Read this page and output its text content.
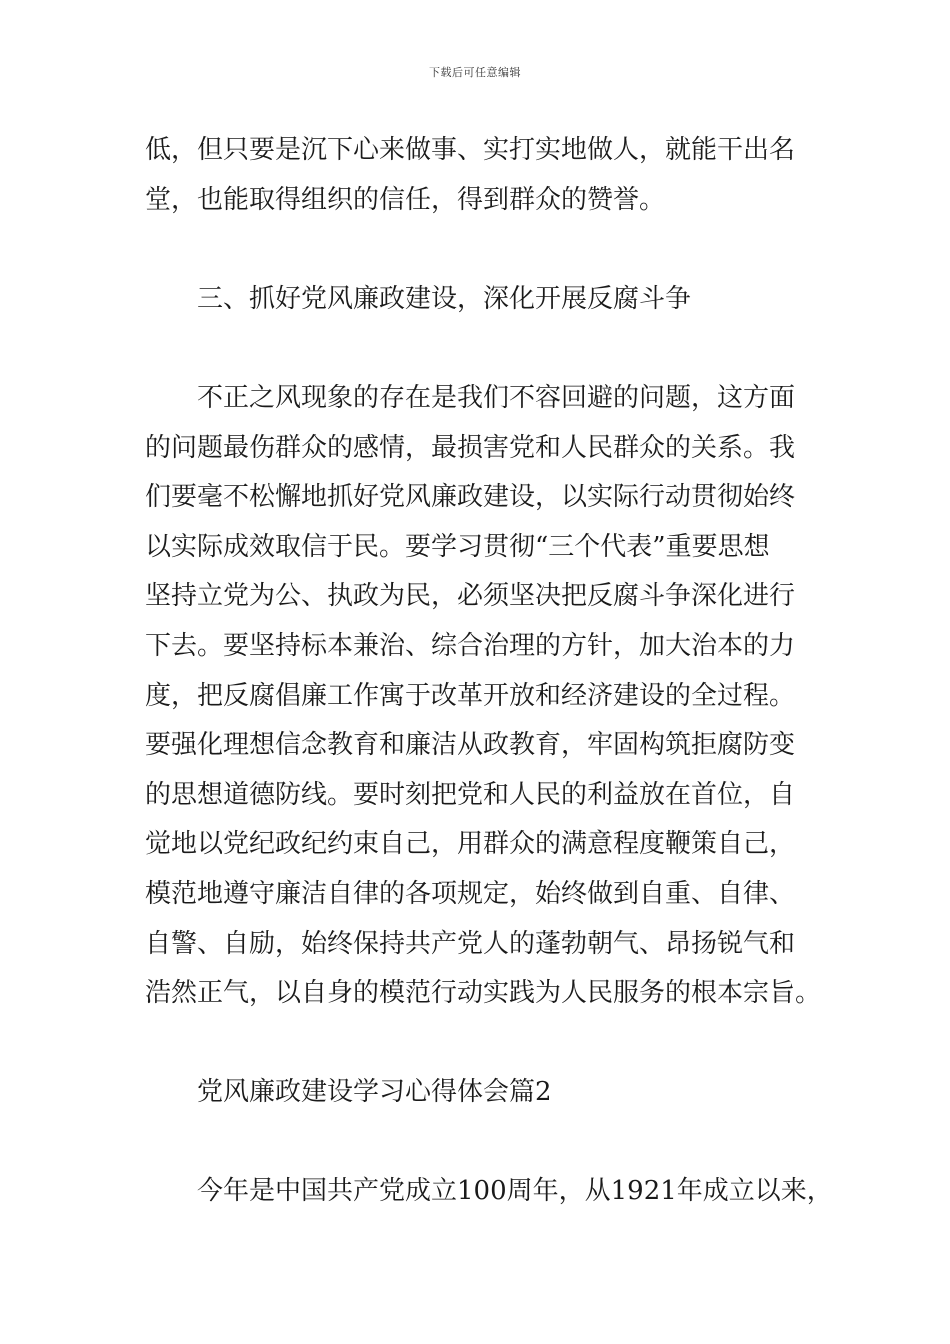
下载后可任意编辑
低，但只要是沉下心来做事、实打实地做人，就能干出名
堂，也能取得组织的信任，得到群众的赞誉。
三、抓好党风廉政建设，深化开展反腐斗争
不正之风现象的存在是我们不容回避的问题，这方面
的问题最伤群众的感情，最损害党和人民群众的关系。我
们要毫不松懈地抓好党风廉政建设，以实际行动贯彻始终
以实际成效取信于民。要学习贯彻“三个代表”重要思想
坚持立党为公、执政为民，必须坚决把反腐斗争深化进行
下去。要坚持标本兼治、综合治理的方针，加大治本的力
度，把反腐倡廉工作寓于改革开放和经济建设的全过程。
要强化理想信念教育和廉洁从政教育，牢固构筑拒腐防变
的思想道德防线。要时刻把党和人民的利益放在首位，自
觉地以党纪政纪约束自己，用群众的满意程度鞭策自己，
模范地遵守廉洁自律的各项规定，始终做到自重、自律、
自警、自励，始终保持共产党人的蓬勃朝气、昂扬锐气和
浩然正气，以自身的模范行动实践为人民服务的根本宗旨。
党风廉政建设学习心得体会篇2
今年是中国共产党成立100周年，从1921年成立以来，
